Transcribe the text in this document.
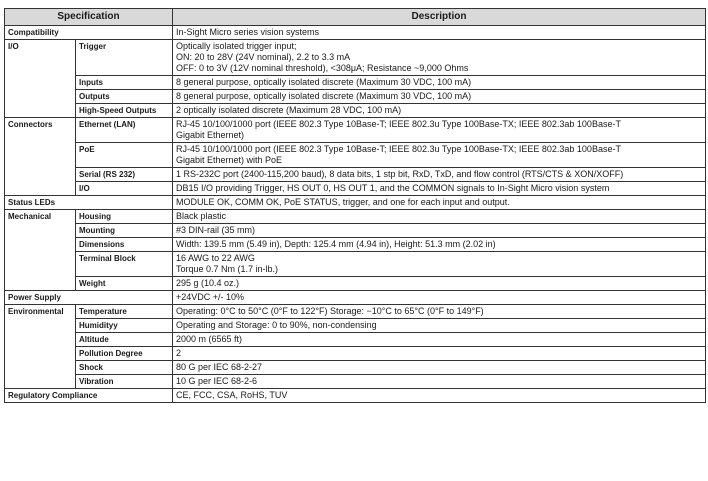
Specification		Description
Compatibility		In-Sight Micro series vision systems
I/O	Trigger	Optically isolated trigger input;
ON: 20 to 28V (24V nominal), 2.2 to 3.3 mA
OFF: 0 to 3V (12V nominal threshold), <308μA; Resistance ~9,000 Ohms

	Inputs	8 general purpose, optically isolated discrete (Maximum 30 VDC, 100 mA)
	Outputs	8 general purpose, optically isolated discrete (Maximum 30 VDC, 100 mA)
	High-Speed Outputs	2 optically isolated discrete (Maximum 28 VDC, 100 mA)
Connectors	Ethernet (LAN)	RJ-45 10/100/1000 port (IEEE 802.3 Type 10Base-T; IEEE 802.3u Type 100Base-TX; IEEE 802.3ab 100Base-T
Gigabit Ethernet)

	PoE	RJ-45 10/100/1000 port (IEEE 802.3 Type 10Base-T; IEEE 802.3u Type 100Base-TX; IEEE 802.3ab 100Base-T
Gigabit Ethernet) with PoE

	Serial (RS 232)	1 RS-232C port (2400-115,200 baud), 8 data bits, 1 stp bit, RxD, TxD, and flow control (RTS/CTS & XON/XOFF)
	I/O	DB15 I/O providing Trigger, HS OUT 0, HS OUT 1, and the COMMON signals to In-Sight Micro vision system
Status LEDs		MODULE OK, COMM OK, PoE STATUS, trigger, and one for each input and output.
Mechanical	Housing	Black plastic
	Mounting	#3 DIN-rail (35 mm)
	Dimensions	Width: 139.5 mm (5.49 in), Depth: 125.4 mm (4.94 in), Height: 51.3 mm (2.02 in)
	Terminal Block	16 AWG to 22 AWG
Torque 0.7 Nm (1.7 in-lb.)

	Weight	295 g (10.4 oz.)
Power Supply		+24VDC +/- 10%
Environmental	Temperature	Operating: 0°C to 50°C (0°F to 122°F) Storage: −10°C to 65°C (0°F to 149°F)
	Humidityy	Operating and Storage: 0 to 90%, non-condensing
	Altitude	2000 m (6565 ft)
	Pollution Degree	2
	Shock	80 G per IEC 68-2-27
	Vibration	10 G per IEC 68-2-6
Regulatory Compliance		CE, FCC, CSA, RoHS, TUV
